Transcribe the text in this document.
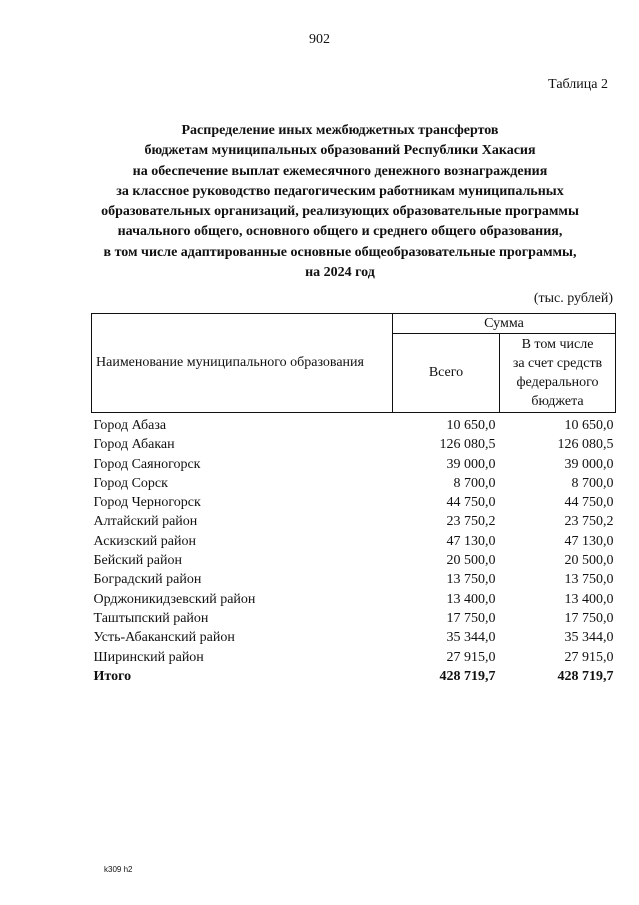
902
Таблица 2
Распределение иных межбюджетных трансфертов
бюджетам муниципальных образований Республики Хакасия
на обеспечение выплат ежемесячного денежного вознаграждения
за классное руководство педагогическим работникам муниципальных
образовательных организаций, реализующих образовательные программы
начального общего, основного общего и среднего общего образования,
в том числе адаптированные основные общеобразовательные программы,
на 2024 год
(тыс. рублей)
Наименование муниципального образования	Сумма	
	Всего	В том числе
за счет средств
федерального
бюджета

Город Абаза	10 650,0	10 650,0
Город Абакан	126 080,5	126 080,5
Город Саяногорск	39 000,0	39 000,0
Город Сорск	8 700,0	8 700,0
Город Черногорск	44 750,0	44 750,0
Алтайский район	23 750,2	23 750,2
Аскизский район	47 130,0	47 130,0
Бейский район	20 500,0	20 500,0
Боградский район	13 750,0	13 750,0
Орджоникидзевский район	13 400,0	13 400,0
Таштыпский район	17 750,0	17 750,0
Усть-Абаканский район	35 344,0	35 344,0
Ширинский район	27 915,0	27 915,0
Итого	428 719,7	428 719,7
k309 h2
